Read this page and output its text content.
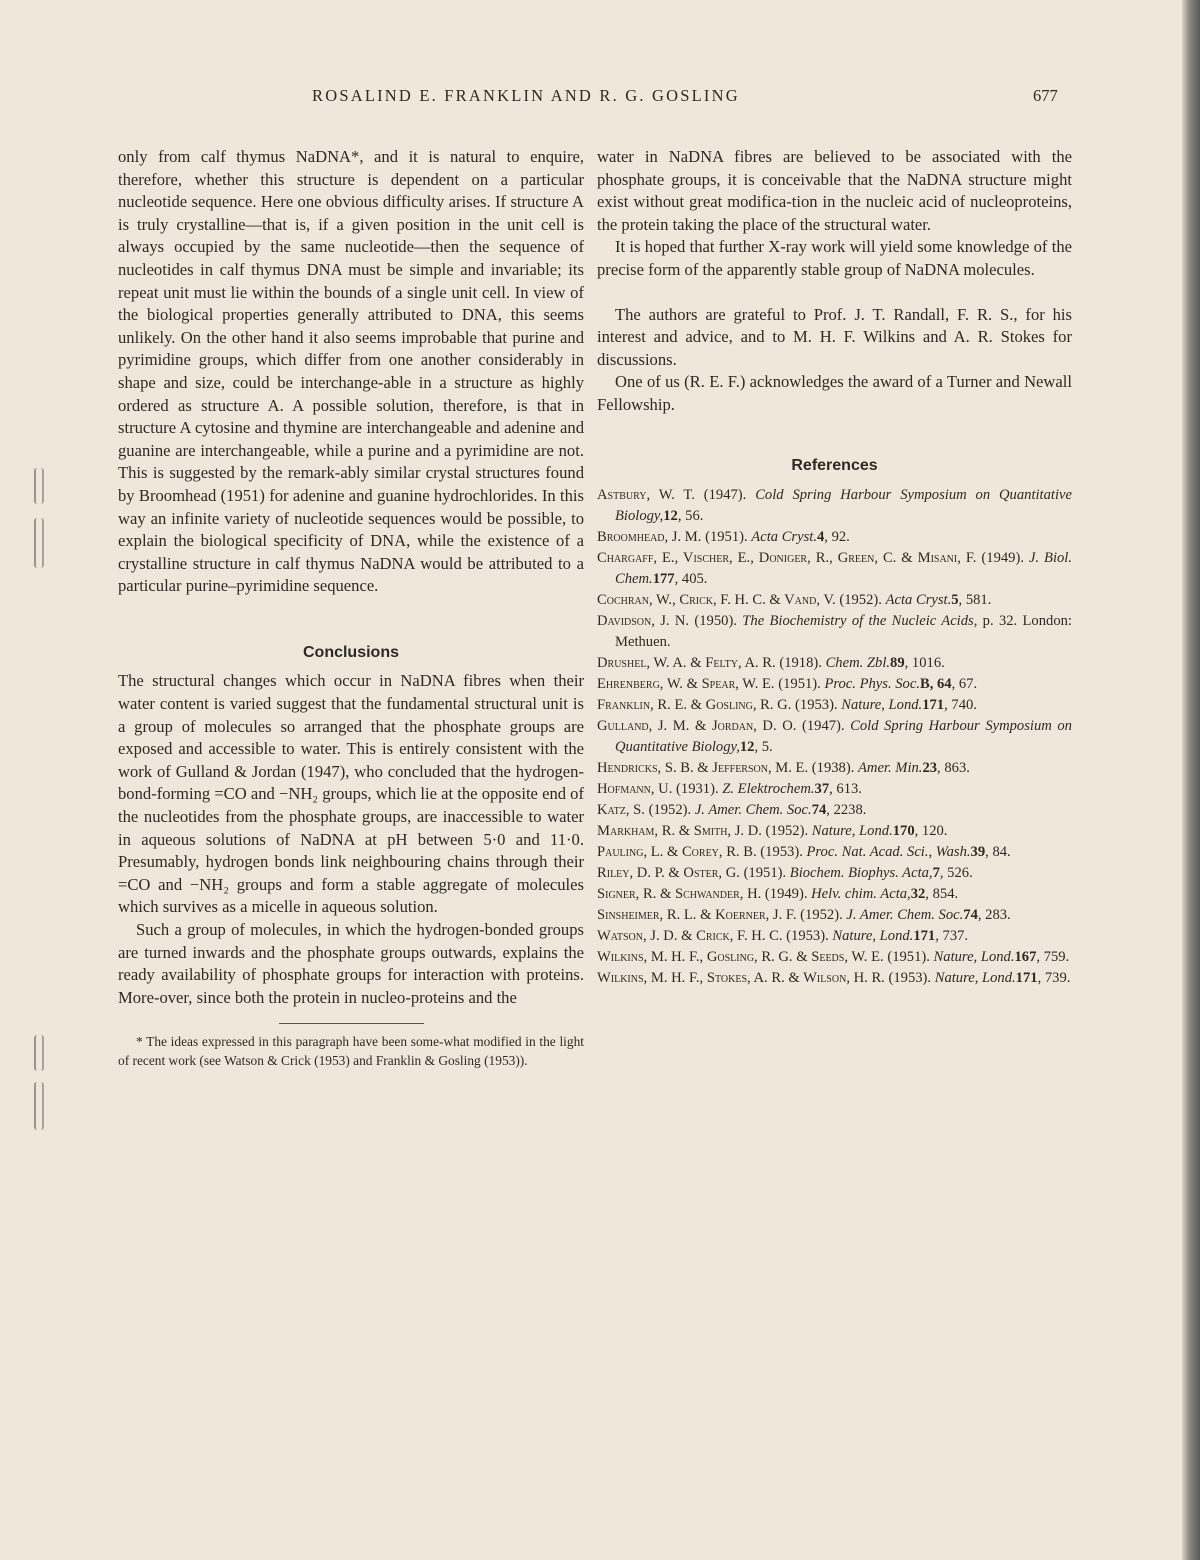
ROSALIND E. FRANKLIN AND R. G. GOSLING	677

only from calf thymus NaDNA*, and it is natural to enquire, therefore, whether this structure is dependent on a particular nucleotide sequence. Here one obvious difficulty arises. If structure A is truly crystalline—that is, if a given position in the unit cell is always occupied by the same nucleotide—then the sequence of nucleotides in calf thymus DNA must be simple and invariable; its repeat unit must lie within the bounds of a single unit cell. In view of the biological properties generally attributed to DNA, this seems unlikely. On the other hand it also seems improbable that purine and pyrimidine groups, which differ from one another considerably in shape and size, could be interchange-able in a structure as highly ordered as structure A. A possible solution, therefore, is that in structure A cytosine and thymine are interchangeable and adenine and guanine are interchangeable, while a purine and a pyrimidine are not. This is suggested by the remark-ably similar crystal structures found by Broomhead (1951) for adenine and guanine hydrochlorides. In this way an infinite variety of nucleotide sequences would be possible, to explain the biological specificity of DNA, while the existence of a crystalline structure in calf thymus NaDNA would be attributed to a particular purine–pyrimidine sequence.

Conclusions

The structural changes which occur in NaDNA fibres when their water content is varied suggest that the fundamental structural unit is a group of molecules so arranged that the phosphate groups are exposed and accessible to water. This is entirely consistent with the work of Gulland & Jordan (1947), who concluded that the hydrogen-bond-forming =CO and −NH₂ groups, which lie at the opposite end of the nucleotides from the phosphate groups, are inaccessible to water in aqueous solutions of NaDNA at pH between 5·0 and 11·0. Presumably, hydrogen bonds link neighbouring chains through their =CO and −NH₂ groups and form a stable aggregate of molecules which survives as a micelle in aqueous solution.

Such a group of molecules, in which the hydrogen-bonded groups are turned inwards and the phosphate groups outwards, explains the ready availability of phosphate groups for interaction with proteins. More-over, since both the protein in nucleo-proteins and the

* The ideas expressed in this paragraph have been some-what modified in the light of recent work (see Watson & Crick (1953) and Franklin & Gosling (1953)).

water in NaDNA fibres are believed to be associated with the phosphate groups, it is conceivable that the NaDNA structure might exist without great modifica-tion in the nucleic acid of nucleoproteins, the protein taking the place of the structural water.

It is hoped that further X-ray work will yield some knowledge of the precise form of the apparently stable group of NaDNA molecules.

The authors are grateful to Prof. J. T. Randall, F. R. S., for his interest and advice, and to M. H. F. Wilkins and A. R. Stokes for discussions.

One of us (R. E. F.) acknowledges the award of a Turner and Newall Fellowship.

References
Astbury, W. T. (1947). Cold Spring Harbour Symposium on Quantitative Biology,12, 56.
Broomhead, J. M. (1951). Acta Cryst.4, 92.
Chargaff, E., Vischer, E., Doniger, R., Green, C. & Misani, F. (1949). J. Biol. Chem.177, 405.
Cochran, W., Crick, F. H. C. & Vand, V. (1952). Acta Cryst.5, 581.
Davidson, J. N. (1950). The Biochemistry of the Nucleic Acids, p. 32. London: Methuen.
Drushel, W. A. & Felty, A. R. (1918). Chem. Zbl.89, 1016.
Ehrenberg, W. & Spear, W. E. (1951). Proc. Phys. Soc.B, 64, 67.
Franklin, R. E. & Gosling, R. G. (1953). Nature, Lond.171, 740.
Gulland, J. M. & Jordan, D. O. (1947). Cold Spring Harbour Symposium on Quantitative Biology,12, 5.
Hendricks, S. B. & Jefferson, M. E. (1938). Amer. Min.23, 863.
Hofmann, U. (1931). Z. Elektrochem.37, 613.
Katz, S. (1952). J. Amer. Chem. Soc.74, 2238.
Markham, R. & Smith, J. D. (1952). Nature, Lond.170, 120.
Pauling, L. & Corey, R. B. (1953). Proc. Nat. Acad. Sci., Wash.39, 84.
Riley, D. P. & Oster, G. (1951). Biochem. Biophys. Acta,7, 526.
Signer, R. & Schwander, H. (1949). Helv. chim. Acta,32, 854.
Sinsheimer, R. L. & Koerner, J. F. (1952). J. Amer. Chem. Soc.74, 283.
Watson, J. D. & Crick, F. H. C. (1953). Nature, Lond.171, 737.
Wilkins, M. H. F., Gosling, R. G. & Seeds, W. E. (1951). Nature, Lond.167, 759.
Wilkins, M. H. F., Stokes, A. R. & Wilson, H. R. (1953). Nature, Lond.171, 739.
